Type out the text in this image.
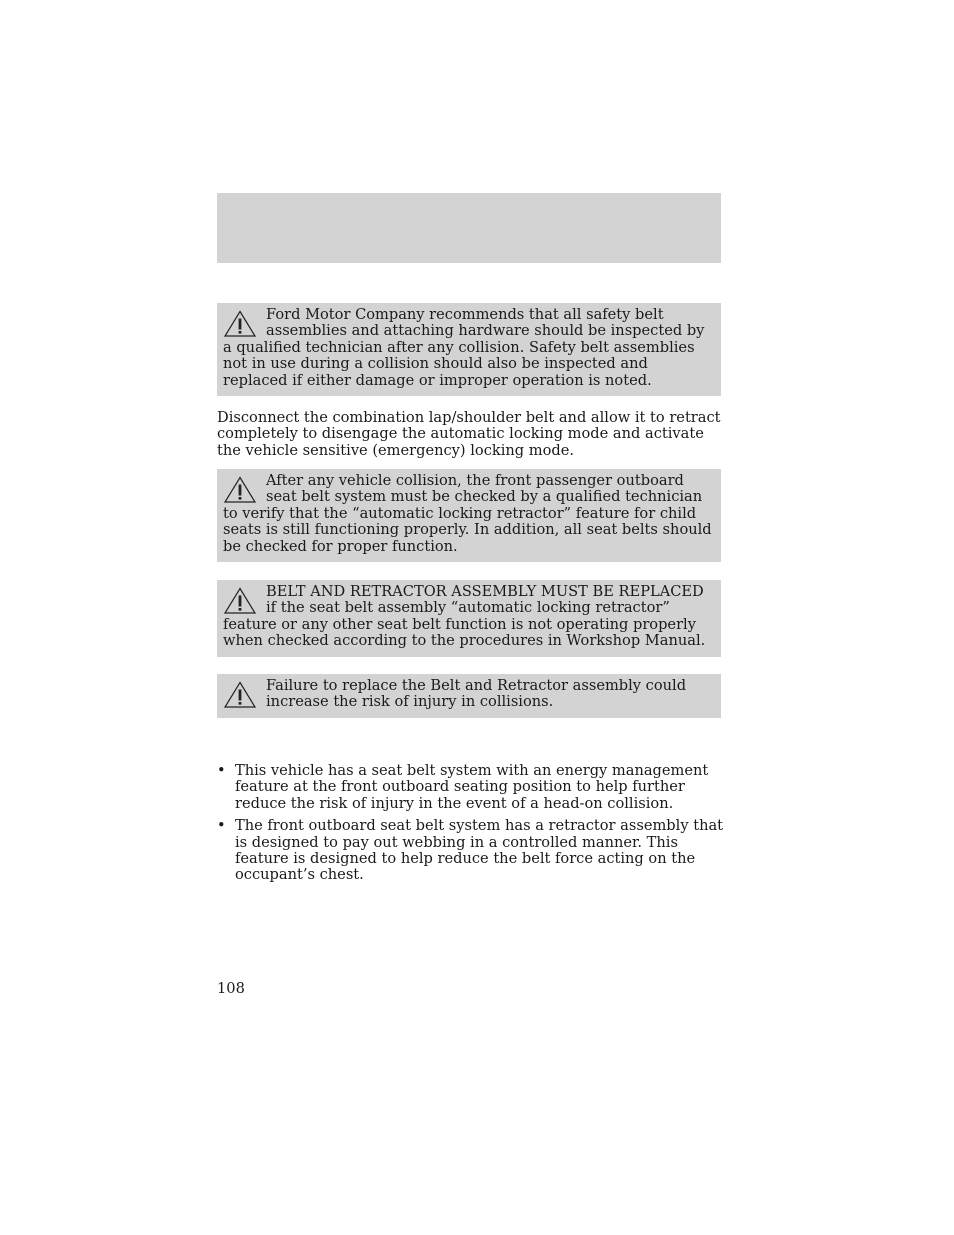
Ford Motor Company recommends that all safety belt assemblies and attaching hardware should be inspected by a qualified technician after any collision. Safety belt assemblies not in use during a collision should also be inspected and replaced if either damage or improper operation is noted.

Disconnect the combination lap/shoulder belt and allow it to retract completely to disengage the automatic locking mode and activate the vehicle sensitive (emergency) locking mode.

After any vehicle collision, the front passenger outboard seat belt system must be checked by a qualified technician to verify that the “automatic locking retractor” feature for child seats is still functioning properly. In addition, all seat belts should be checked for proper function.

BELT AND RETRACTOR ASSEMBLY MUST BE REPLACED if the seat belt assembly “automatic locking retractor” feature or any other seat belt function is not operating properly when checked according to the procedures in Workshop Manual.

Failure to replace the Belt and Retractor assembly could increase the risk of injury in collisions.

• This vehicle has a seat belt system with an energy management feature at the front outboard seating position to help further reduce the risk of injury in the event of a head-on collision.
• The front outboard seat belt system has a retractor assembly that is designed to pay out webbing in a controlled manner. This feature is designed to help reduce the belt force acting on the occupant’s chest.
108
